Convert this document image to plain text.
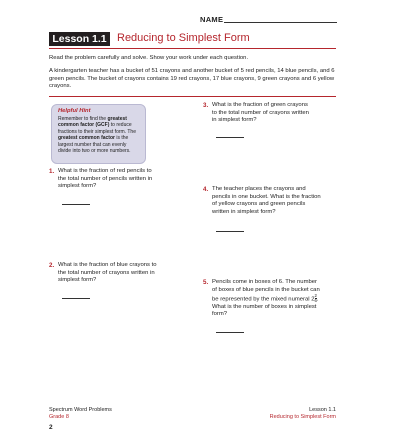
NAME
Lesson 1.1 Reducing to Simplest Form
Read the problem carefully and solve. Show your work under each question.
A kindergarten teacher has a bucket of 51 crayons and another bucket of 5 red pencils, 14 blue pencils, and 6 green pencils. The bucket of crayons contains 19 red crayons, 17 blue crayons, 9 green crayons and 6 yellow crayons.
Helpful Hint
Remember to find the greatest common factor (GCF) to reduce fractions to their simplest form. The greatest common factor is the largest number that can evenly divide into two or more numbers.
1. What is the fraction of red pencils to the total number of pencils written in simplest form?
2. What is the fraction of blue crayons to the total number of crayons written in simplest form?
3. What is the fraction of green crayons to the total number of crayons written in simplest form?
4. The teacher places the crayons and pencils in one bucket. What is the fraction of yellow crayons and green pencils written in simplest form?
5. Pencils come in boxes of 6. The number of boxes of blue pencils in the bucket can be represented by the mixed numeral $2 \frac{2}{6}$ . What is the number of boxes in simplest form?
Spectrum Word Problems
Grade 8
Lesson 1.1
Reducing to Simplest Form
2
